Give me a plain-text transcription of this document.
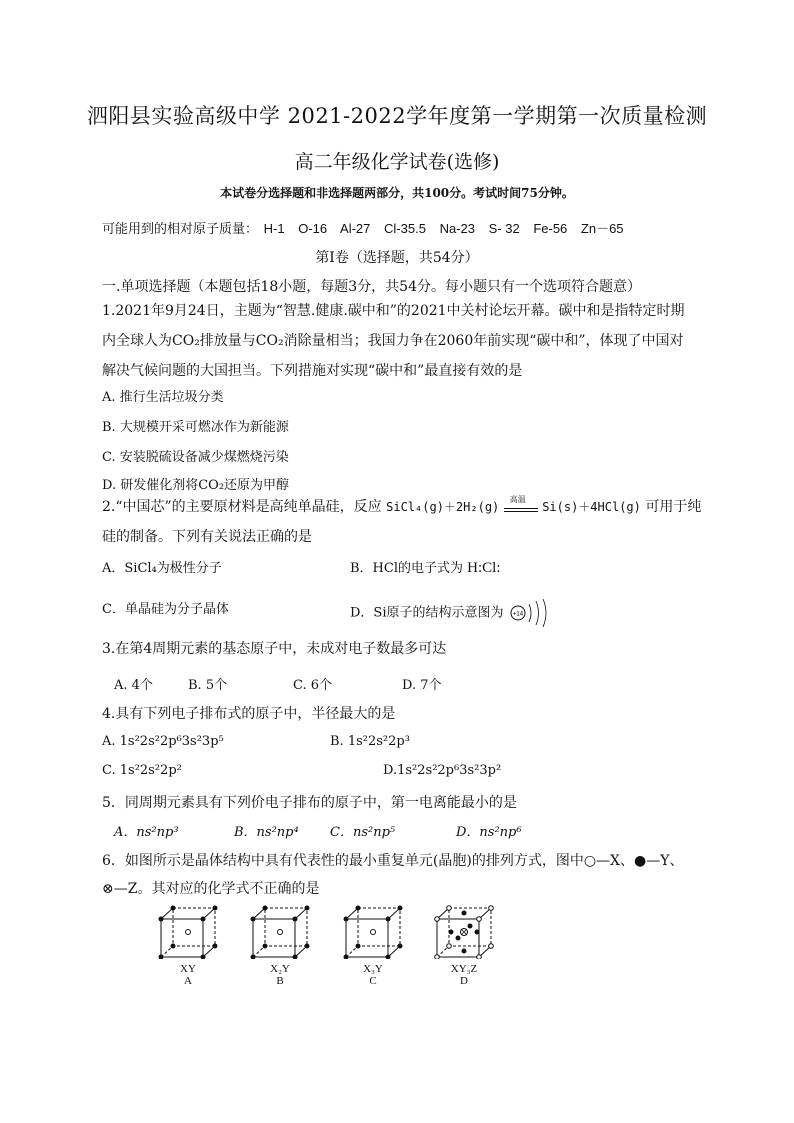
泗阳县实验高级中学 2021-2022学年度第一学期第一次质量检测
高二年级化学试卷(选修)
本试卷分选择题和非选择题两部分，共100分。考试时间75分钟。
可能用到的相对原子质量： H-1 O-16 Al-27 Cl-35.5 Na-23 S- 32 Fe-56 Zn－65
第Ⅰ卷（选择题，共54分）
一.单项选择题（本题包括18小题，每题3分，共54分。每小题只有一个选项符合题意）
1.2021年9月24日，主题为“智慧.健康.碳中和”的2021中关村论坛开幕。碳中和是指特定时期内全球人为CO₂排放量与CO₂消除量相当；我国力争在2060年前实现“碳中和”，体现了中国对解决气候问题的大国担当。下列措施对实现“碳中和”最直接有效的是
A. 推行生活垃圾分类
B. 大规模开采可燃冰作为新能源
C. 安装脱硫设备减少煤燃烧污染
D. 研发催化剂将CO₂还原为甲醇
2.“中国芯”的主要原材料是高纯单晶硅，反应 SiCl₄(g)＋2H₂(g)
高温
Si(s)＋4HCl(g) 可用于纯
硅的制备。下列有关说法正确的是
A．SiCl₄为极性分子	B．HCl的电子式为 H:Cl:
C．单晶硅为分子晶体	D．Si原子的结构示意图为 +14
3.在第4周期元素的基态原子中，未成对电子数最多可达
A. 4个	B. 5个	C. 6个	D. 7个
4.具有下列电子排布式的原子中，半径最大的是
A. 1s²2s²2p⁶3s²3p⁵	B. 1s²2s²2p³
C. 1s²2s²2p²	D.1s²2s²2p⁶3s²3p²
5．同周期元素具有下列价电子排布的原子中，第一电离能最小的是
A．ns²np³	B．ns²np⁴ C．ns²np⁵	D．ns²np⁶
6．如图所示是晶体结构中具有代表性的最小重复单元(晶胞)的排列方式，图中○—X、●—Y、
⊗—Z。其对应的化学式不正确的是
XY
A
X₂Y
B
X₃Y
C
XY₃Z
D
